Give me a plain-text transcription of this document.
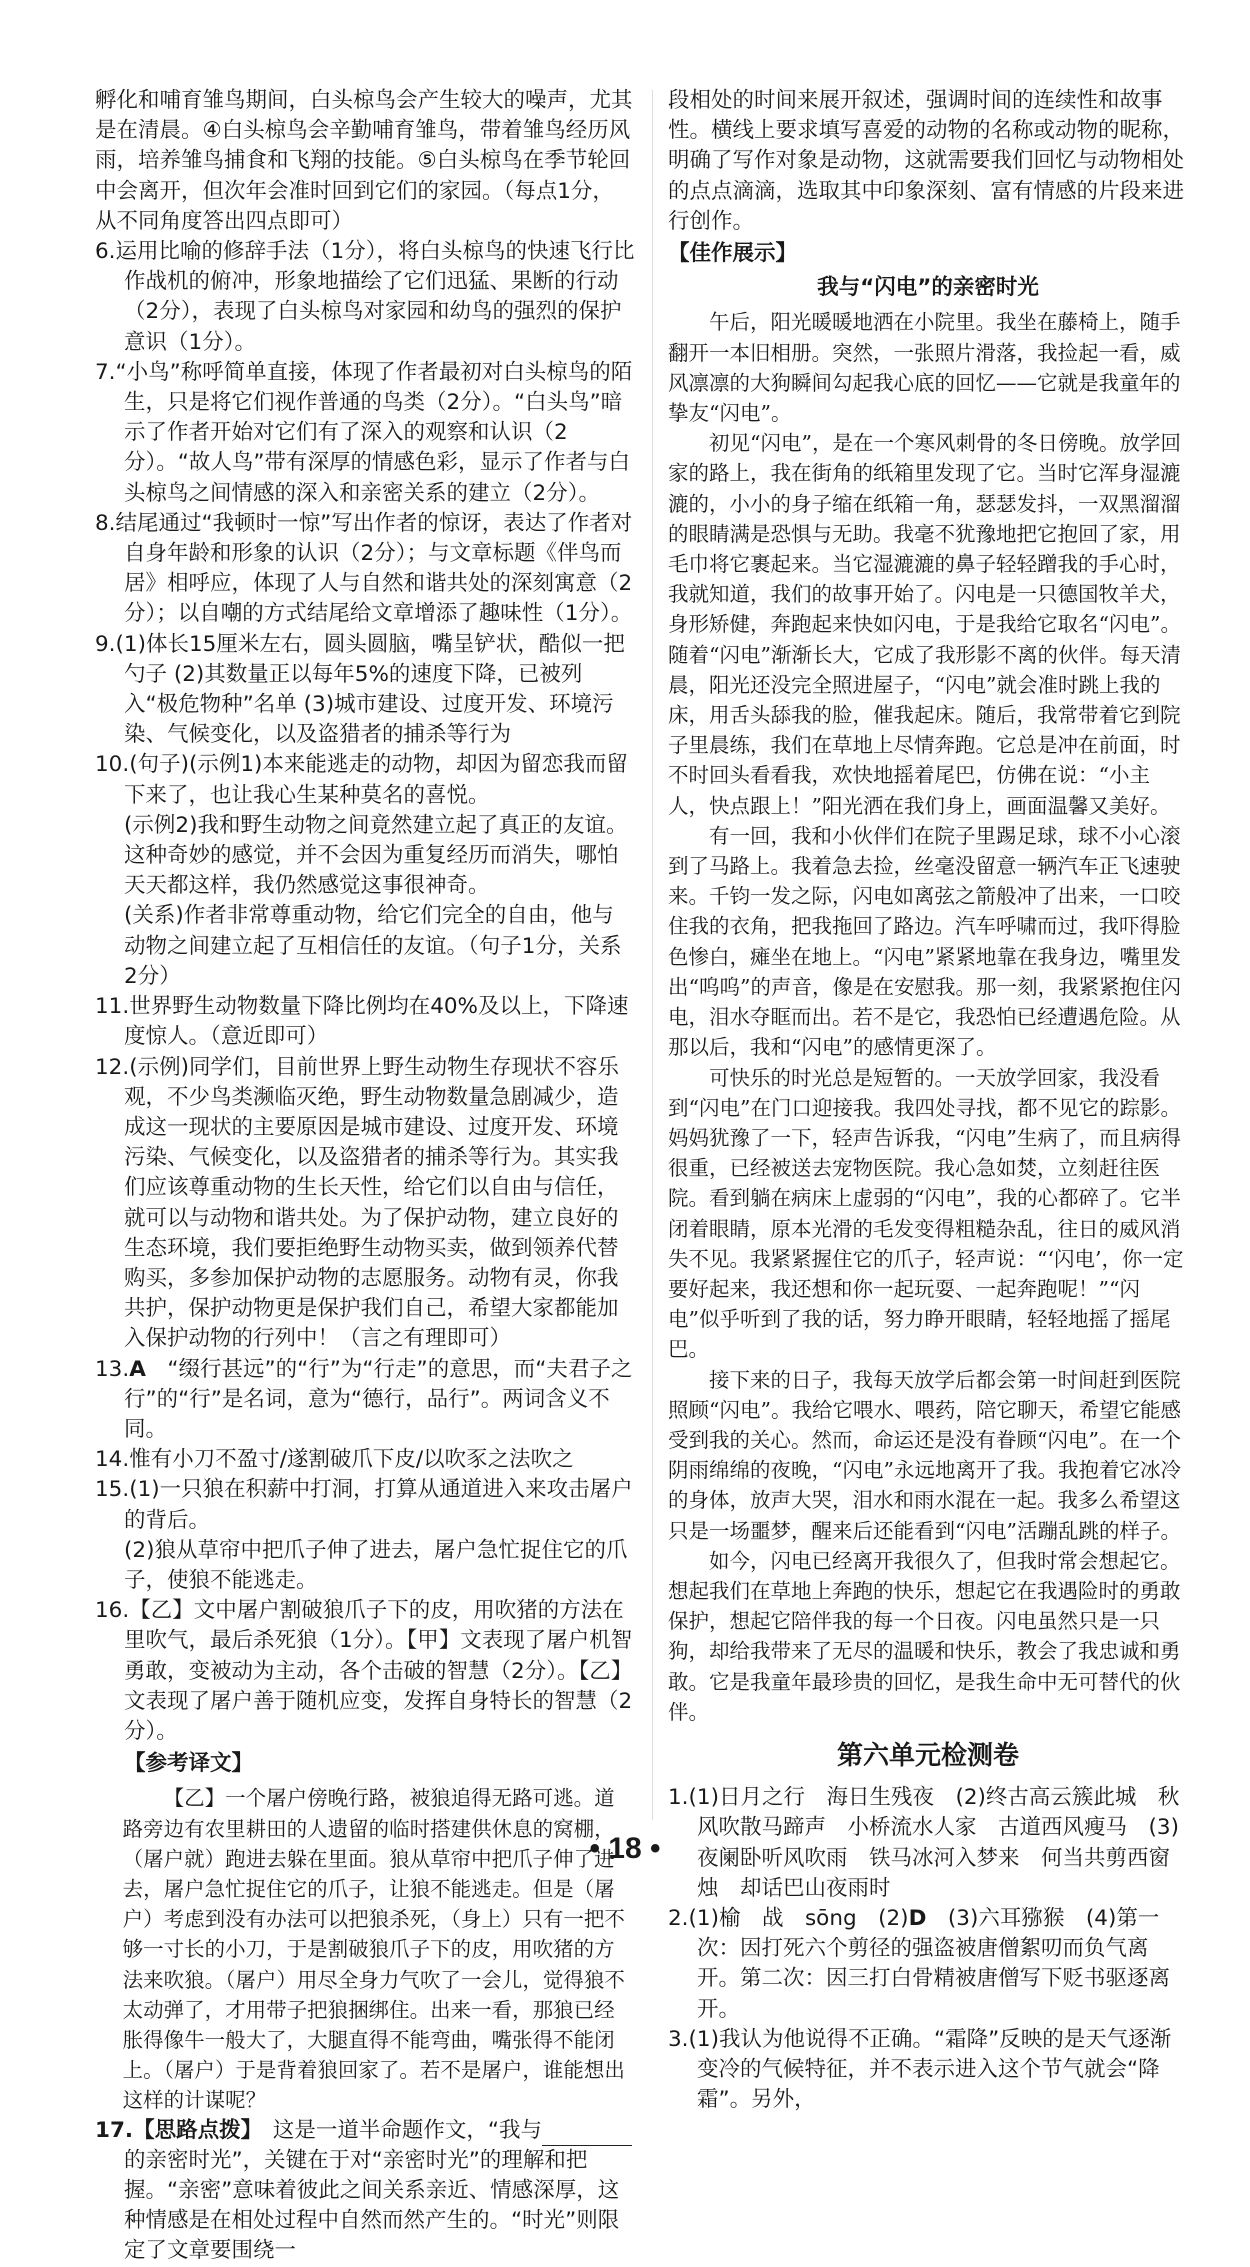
孵化和哺育雏鸟期间，白头椋鸟会产生较大的噪声，尤其是在清晨。④白头椋鸟会辛勤哺育雏鸟，带着雏鸟经历风雨，培养雏鸟捕食和飞翔的技能。⑤白头椋鸟在季节轮回中会离开，但次年会准时回到它们的家园。（每点1分，从不同角度答出四点即可）

6.运用比喻的修辞手法（1分），将白头椋鸟的快速飞行比作战机的俯冲，形象地描绘了它们迅猛、果断的行动（2分），表现了白头椋鸟对家园和幼鸟的强烈的保护意识（1分）。

7.“小鸟”称呼简单直接，体现了作者最初对白头椋鸟的陌生，只是将它们视作普通的鸟类（2分）。“白头鸟”暗示了作者开始对它们有了深入的观察和认识（2分）。“故人鸟”带有深厚的情感色彩，显示了作者与白头椋鸟之间情感的深入和亲密关系的建立（2分）。

8.结尾通过“我顿时一惊”写出作者的惊讶，表达了作者对自身年龄和形象的认识（2分）；与文章标题《伴鸟而居》相呼应，体现了人与自然和谐共处的深刻寓意（2分）；以自嘲的方式结尾给文章增添了趣味性（1分）。

9.(1)体长15厘米左右，圆头圆脑，嘴呈铲状，酷似一把勺子 (2)其数量正以每年5%的速度下降，已被列入“极危物种”名单 (3)城市建设、过度开发、环境污染、气候变化，以及盗猎者的捕杀等行为

10.(句子)(示例1)本来能逃走的动物，却因为留恋我而留下来了，也让我心生某种莫名的喜悦。

(示例2)我和野生动物之间竟然建立起了真正的友谊。这种奇妙的感觉，并不会因为重复经历而消失，哪怕天天都这样，我仍然感觉这事很神奇。

(关系)作者非常尊重动物，给它们完全的自由，他与动物之间建立起了互相信任的友谊。（句子1分，关系2分）

11.世界野生动物数量下降比例均在40%及以上，下降速度惊人。（意近即可）

12.(示例)同学们，目前世界上野生动物生存现状不容乐观，不少鸟类濒临灭绝，野生动物数量急剧减少，造成这一现状的主要原因是城市建设、过度开发、环境污染、气候变化，以及盗猎者的捕杀等行为。其实我们应该尊重动物的生长天性，给它们以自由与信任，就可以与动物和谐共处。为了保护动物，建立良好的生态环境，我们要拒绝野生动物买卖，做到领养代替购买，多参加保护动物的志愿服务。动物有灵，你我共护，保护动物更是保护我们自己，希望大家都能加入保护动物的行列中！（言之有理即可）

13.A　 “缀行甚远”的“行”为“行走”的意思，而“夫君子之行”的“行”是名词，意为“德行，品行”。两词含义不同。

14.惟有小刀不盈寸/遂割破爪下皮/以吹豕之法吹之

15.(1)一只狼在积薪中打洞，打算从通道进入来攻击屠户的背后。

(2)狼从草帘中把爪子伸了进去，屠户急忙捉住它的爪子，使狼不能逃走。

16.【乙】文中屠户割破狼爪子下的皮，用吹猪的方法在里吹气，最后杀死狼（1分）。【甲】文表现了屠户机智勇敢，变被动为主动，各个击破的智慧（2分）。【乙】文表现了屠户善于随机应变，发挥自身特长的智慧（2分）。

【参考译文】

【乙】一个屠户傍晚行路，被狼追得无路可逃。道路旁边有农里耕田的人遗留的临时搭建供休息的窝棚，（屠户就）跑进去躲在里面。狼从草帘中把爪子伸了进去，屠户急忙捉住它的爪子，让狼不能逃走。但是（屠户）考虑到没有办法可以把狼杀死，（身上）只有一把不够一寸长的小刀，于是割破狼爪子下的皮，用吹猪的方法来吹狼。（屠户）用尽全身力气吹了一会儿，觉得狼不太动弹了，才用带子把狼捆绑住。出来一看，那狼已经胀得像牛一般大了，大腿直得不能弯曲，嘴张得不能闭上。（屠户）于是背着狼回家了。若不是屠户，谁能想出这样的计谋呢？

17.【思路点拨】　 这是一道半命题作文，“我与的亲密时光”，关键在于对“亲密时光”的理解和把握。“亲密”意味着彼此之间关系亲近、情感深厚，这种情感是在相处过程中自然而然产生的。“时光”则限定了文章要围绕一

段相处的时间来展开叙述，强调时间的连续性和故事性。横线上要求填写喜爱的动物的名称或动物的昵称，明确了写作对象是动物，这就需要我们回忆与动物相处的点点滴滴，选取其中印象深刻、富有情感的片段来进行创作。

【佳作展示】

我与“闪电”的亲密时光

午后，阳光暖暖地洒在小院里。我坐在藤椅上，随手翻开一本旧相册。突然，一张照片滑落，我捡起一看，威风凛凛的大狗瞬间勾起我心底的回忆——它就是我童年的挚友“闪电”。

初见“闪电”，是在一个寒风刺骨的冬日傍晚。放学回家的路上，我在街角的纸箱里发现了它。当时它浑身湿漉漉的，小小的身子缩在纸箱一角，瑟瑟发抖，一双黑溜溜的眼睛满是恐惧与无助。我毫不犹豫地把它抱回了家，用毛巾将它裹起来。当它湿漉漉的鼻子轻轻蹭我的手心时，我就知道，我们的故事开始了。闪电是一只德国牧羊犬，身形矫健，奔跑起来快如闪电，于是我给它取名“闪电”。随着“闪电”渐渐长大，它成了我形影不离的伙伴。每天清晨，阳光还没完全照进屋子，“闪电”就会准时跳上我的床，用舌头舔我的脸，催我起床。随后，我常带着它到院子里晨练，我们在草地上尽情奔跑。它总是冲在前面，时不时回头看看我，欢快地摇着尾巴，仿佛在说：“小主人，快点跟上！”阳光洒在我们身上，画面温馨又美好。

有一回，我和小伙伴们在院子里踢足球，球不小心滚到了马路上。我着急去捡，丝毫没留意一辆汽车正飞速驶来。千钧一发之际，闪电如离弦之箭般冲了出来，一口咬住我的衣角，把我拖回了路边。汽车呼啸而过，我吓得脸色惨白，瘫坐在地上。“闪电”紧紧地靠在我身边，嘴里发出“呜呜”的声音，像是在安慰我。那一刻，我紧紧抱住闪电，泪水夺眶而出。若不是它，我恐怕已经遭遇危险。从那以后，我和“闪电”的感情更深了。

可快乐的时光总是短暂的。一天放学回家，我没看到“闪电”在门口迎接我。我四处寻找，都不见它的踪影。妈妈犹豫了一下，轻声告诉我，“闪电”生病了，而且病得很重，已经被送去宠物医院。我心急如焚，立刻赶往医院。看到躺在病床上虚弱的“闪电”，我的心都碎了。它半闭着眼睛，原本光滑的毛发变得粗糙杂乱，往日的威风消失不见。我紧紧握住它的爪子，轻声说：“‘闪电’，你一定要好起来，我还想和你一起玩耍、一起奔跑呢！”“闪电”似乎听到了我的话，努力睁开眼睛，轻轻地摇了摇尾巴。

接下来的日子，我每天放学后都会第一时间赶到医院照顾“闪电”。我给它喂水、喂药，陪它聊天，希望它能感受到我的关心。然而，命运还是没有眷顾“闪电”。在一个阴雨绵绵的夜晚，“闪电”永远地离开了我。我抱着它冰冷的身体，放声大哭，泪水和雨水混在一起。我多么希望这只是一场噩梦，醒来后还能看到“闪电”活蹦乱跳的样子。

如今，闪电已经离开我很久了，但我时常会想起它。想起我们在草地上奔跑的快乐，想起它在我遇险时的勇敢保护，想起它陪伴我的每一个日夜。闪电虽然只是一只狗，却给我带来了无尽的温暖和快乐，教会了我忠诚和勇敢。它是我童年最珍贵的回忆，是我生命中无可替代的伙伴。

第六单元检测卷

1.(1)日月之行　海日生残夜　(2)终古高云簇此城　秋风吹散马蹄声　小桥流水人家　古道西风瘦马　(3)夜阑卧听风吹雨　铁马冰河入梦来　何当共剪西窗烛　却话巴山夜雨时

2.(1)榆　战　sōng　(2)D　(3)六耳猕猴　(4)第一次：因打死六个剪径的强盗被唐僧絮叨而负气离开。第二次：因三打白骨精被唐僧写下贬书驱逐离开。

3.(1)我认为他说得不正确。“霜降”反映的是天气逐渐变冷的气候特征，并不表示进入这个节气就会“降霜”。另外，

• 18 •
